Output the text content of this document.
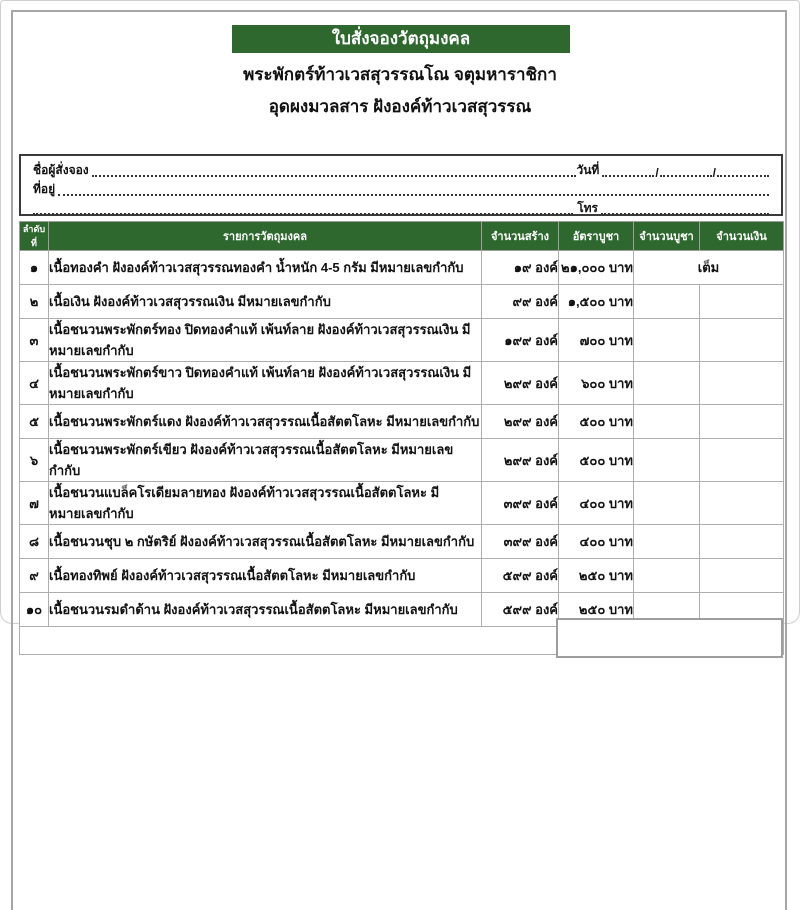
ใบสั่งจองวัตถุมงคล
พระพักตร์ท้าวเวสสุวรรณโณ จตุมหาราชิกา
อุดผงมวลสาร ฝังองค์ท้าวเวสสุวรรณ
ชื่อผู้สั่งจอง	วันที่	/	/
ที่อยู่
โทร
ลำดับที่	รายการวัตถุมงคล	จำนวนสร้าง	อัตราบูชา	จำนวนบูชา	จำนวนเงิน
๑	เนื้อทองคำ ฝังองค์ท้าวเวสสุวรรณทองคำ น้ำหนัก 4-5 กรัม มีหมายเลขกำกับ	๑๙ องค์	๒๑,๐๐๐ บาท	เต็ม	
๒	เนื้อเงิน ฝังองค์ท้าวเวสสุวรรณเงิน มีหมายเลขกำกับ	๙๙ องค์	๑,๕๐๐ บาท		
๓	เนื้อชนวนพระพักตร์ทอง ปิดทองคำแท้ เพ้นท์ลาย ฝังองค์ท้าวเวสสุวรรณเงิน มีหมายเลขกำกับ	๑๙๙ องค์	๗๐๐ บาท		
๔	เนื้อชนวนพระพักตร์ขาว ปิดทองคำแท้ เพ้นท์ลาย ฝังองค์ท้าวเวสสุวรรณเงิน มีหมายเลขกำกับ	๒๙๙ องค์	๖๐๐ บาท		
๕	เนื้อชนวนพระพักตร์แดง ฝังองค์ท้าวเวสสุวรรณเนื้อสัตตโลหะ มีหมายเลขกำกับ	๒๙๙ องค์	๕๐๐ บาท		
๖	เนื้อชนวนพระพักตร์เขียว ฝังองค์ท้าวเวสสุวรรณเนื้อสัตตโลหะ มีหมายเลขกำกับ	๒๙๙ องค์	๕๐๐ บาท		
๗	เนื้อชนวนแบล็คโรเดียมลายทอง ฝังองค์ท้าวเวสสุวรรณเนื้อสัตตโลหะ มีหมายเลขกำกับ	๓๙๙ องค์	๔๐๐ บาท		
๘	เนื้อชนวนชุบ ๒ กษัตริย์ ฝังองค์ท้าวเวสสุวรรณเนื้อสัตตโลหะ มีหมายเลขกำกับ	๓๙๙ องค์	๔๐๐ บาท		
๙	เนื้อทองทิพย์ ฝังองค์ท้าวเวสสุวรรณเนื้อสัตตโลหะ มีหมายเลขกำกับ	๕๙๙ องค์	๒๕๐ บาท		
๑๐	เนื้อชนวนรมดำด้าน ฝังองค์ท้าวเวสสุวรรณเนื้อสัตตโลหะ มีหมายเลขกำกับ	๕๙๙ องค์	๒๕๐ บาท		
